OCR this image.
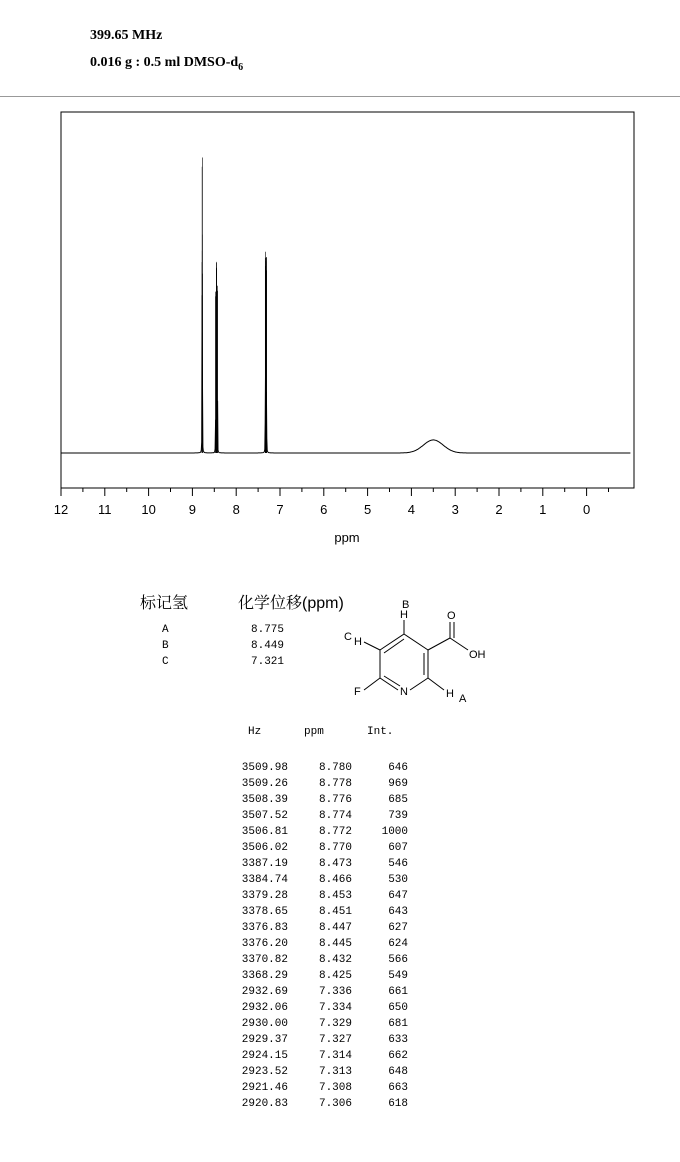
399.65 MHz
0.016 g : 0.5 ml DMSO-$d_6$
12 11 10	9	8	7	6	5	4	3	2	1	0
ppm
标记氢	化学位移(ppm)
A	8.775
B	8.449
C	7.321
H
B
H
C
O
OH
F	N	H A
Hz	ppm	Int.
3509.98	8.780	646
3509.26	8.778	969
3508.39	8.776	685
3507.52	8.774	739
3506.81	8.772	1000
3506.02	8.770	607
3387.19	8.473	546
3384.74	8.466	530
3379.28	8.453	647
3378.65	8.451	643
3376.83	8.447	627
3376.20	8.445	624
3370.82	8.432	566
3368.29	8.425	549
2932.69	7.336	661
2932.06	7.334	650
2930.00	7.329	681
2929.37	7.327	633
2924.15	7.314	662
2923.52	7.313	648
2921.46	7.308	663
2920.83	7.306	618
